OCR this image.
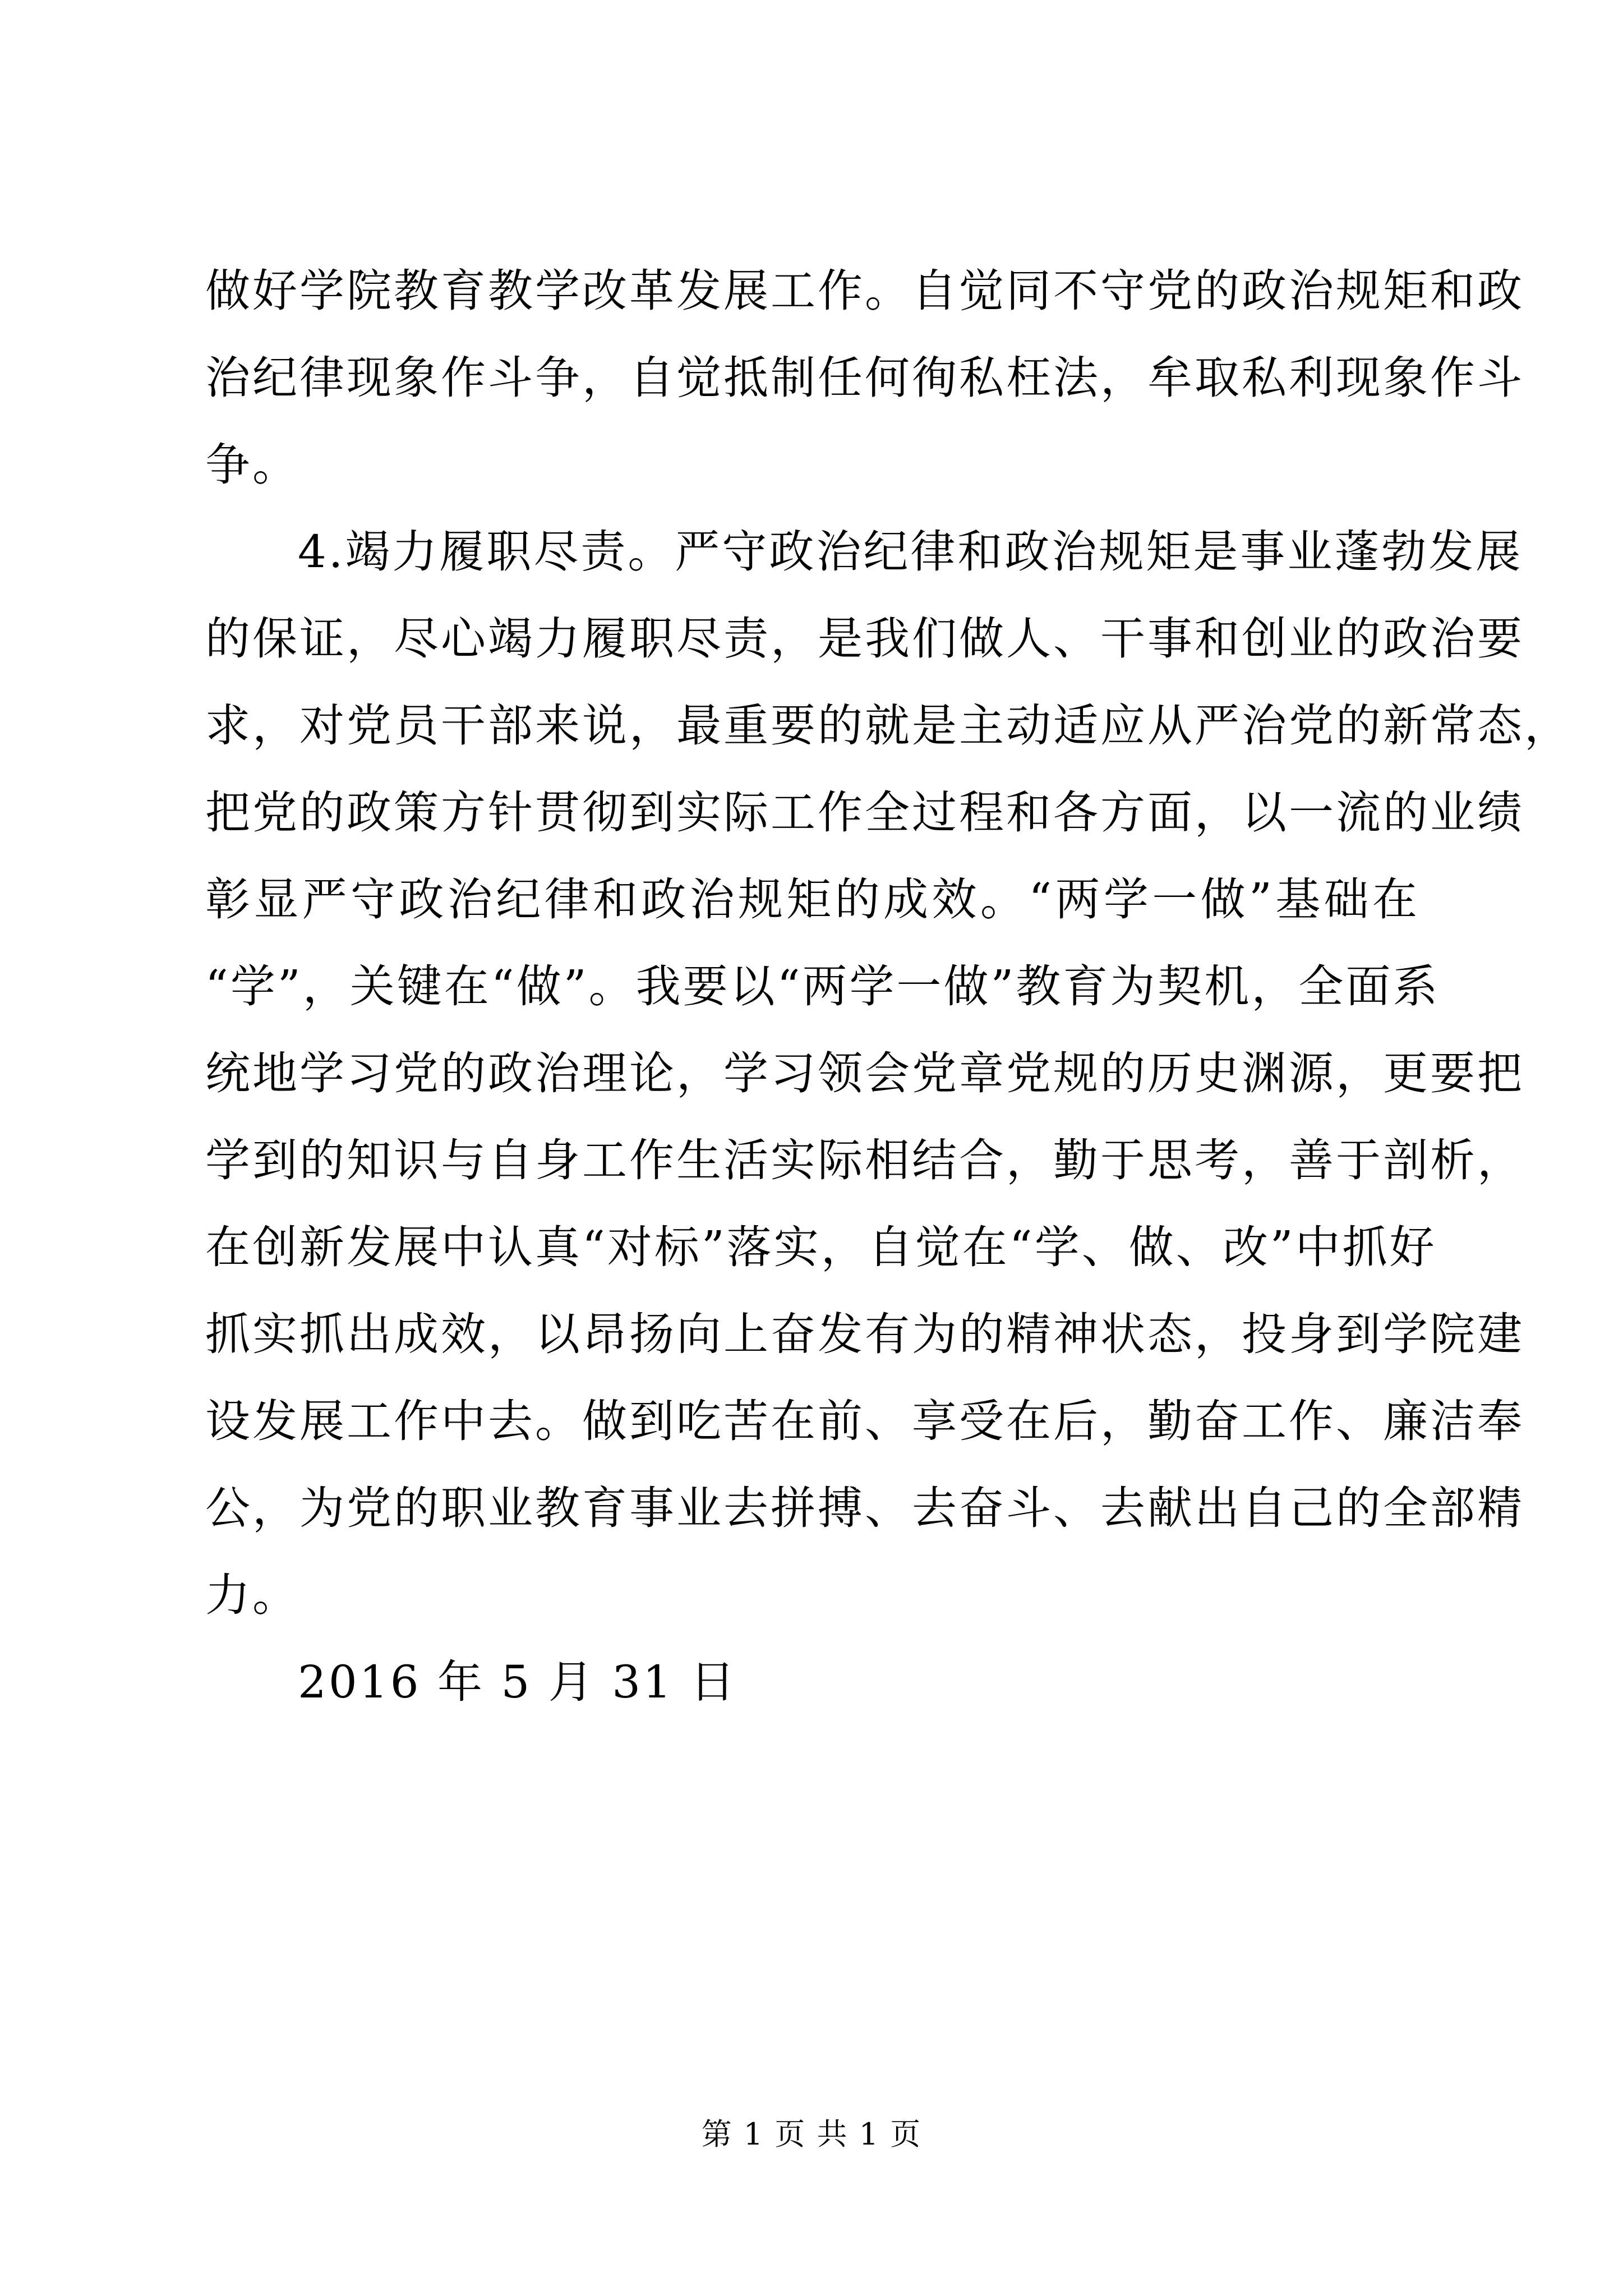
做好学院教育教学改革发展工作。自觉同不守党的政治规矩和政
治纪律现象作斗争，自觉抵制任何徇私枉法，牟取私利现象作斗
争。
4.竭力履职尽责。严守政治纪律和政治规矩是事业蓬勃发展
的保证，尽心竭力履职尽责，是我们做人、干事和创业的政治要
求，对党员干部来说，最重要的就是主动适应从严治党的新常态，
把党的政策方针贯彻到实际工作全过程和各方面，以一流的业绩
彰显严守政治纪律和政治规矩的成效。“两学一做”基础在
“学”，关键在“做”。我要以“两学一做”教育为契机，全面系
统地学习党的政治理论，学习领会党章党规的历史渊源，更要把
学到的知识与自身工作生活实际相结合，勤于思考，善于剖析，
在创新发展中认真“对标”落实，自觉在“学、做、改”中抓好
抓实抓出成效，以昂扬向上奋发有为的精神状态，投身到学院建
设发展工作中去。做到吃苦在前、享受在后，勤奋工作、廉洁奉
公，为党的职业教育事业去拼搏、去奋斗、去献出自己的全部精
力。
2016 年 5 月 31 日
第 1 页 共 1 页
